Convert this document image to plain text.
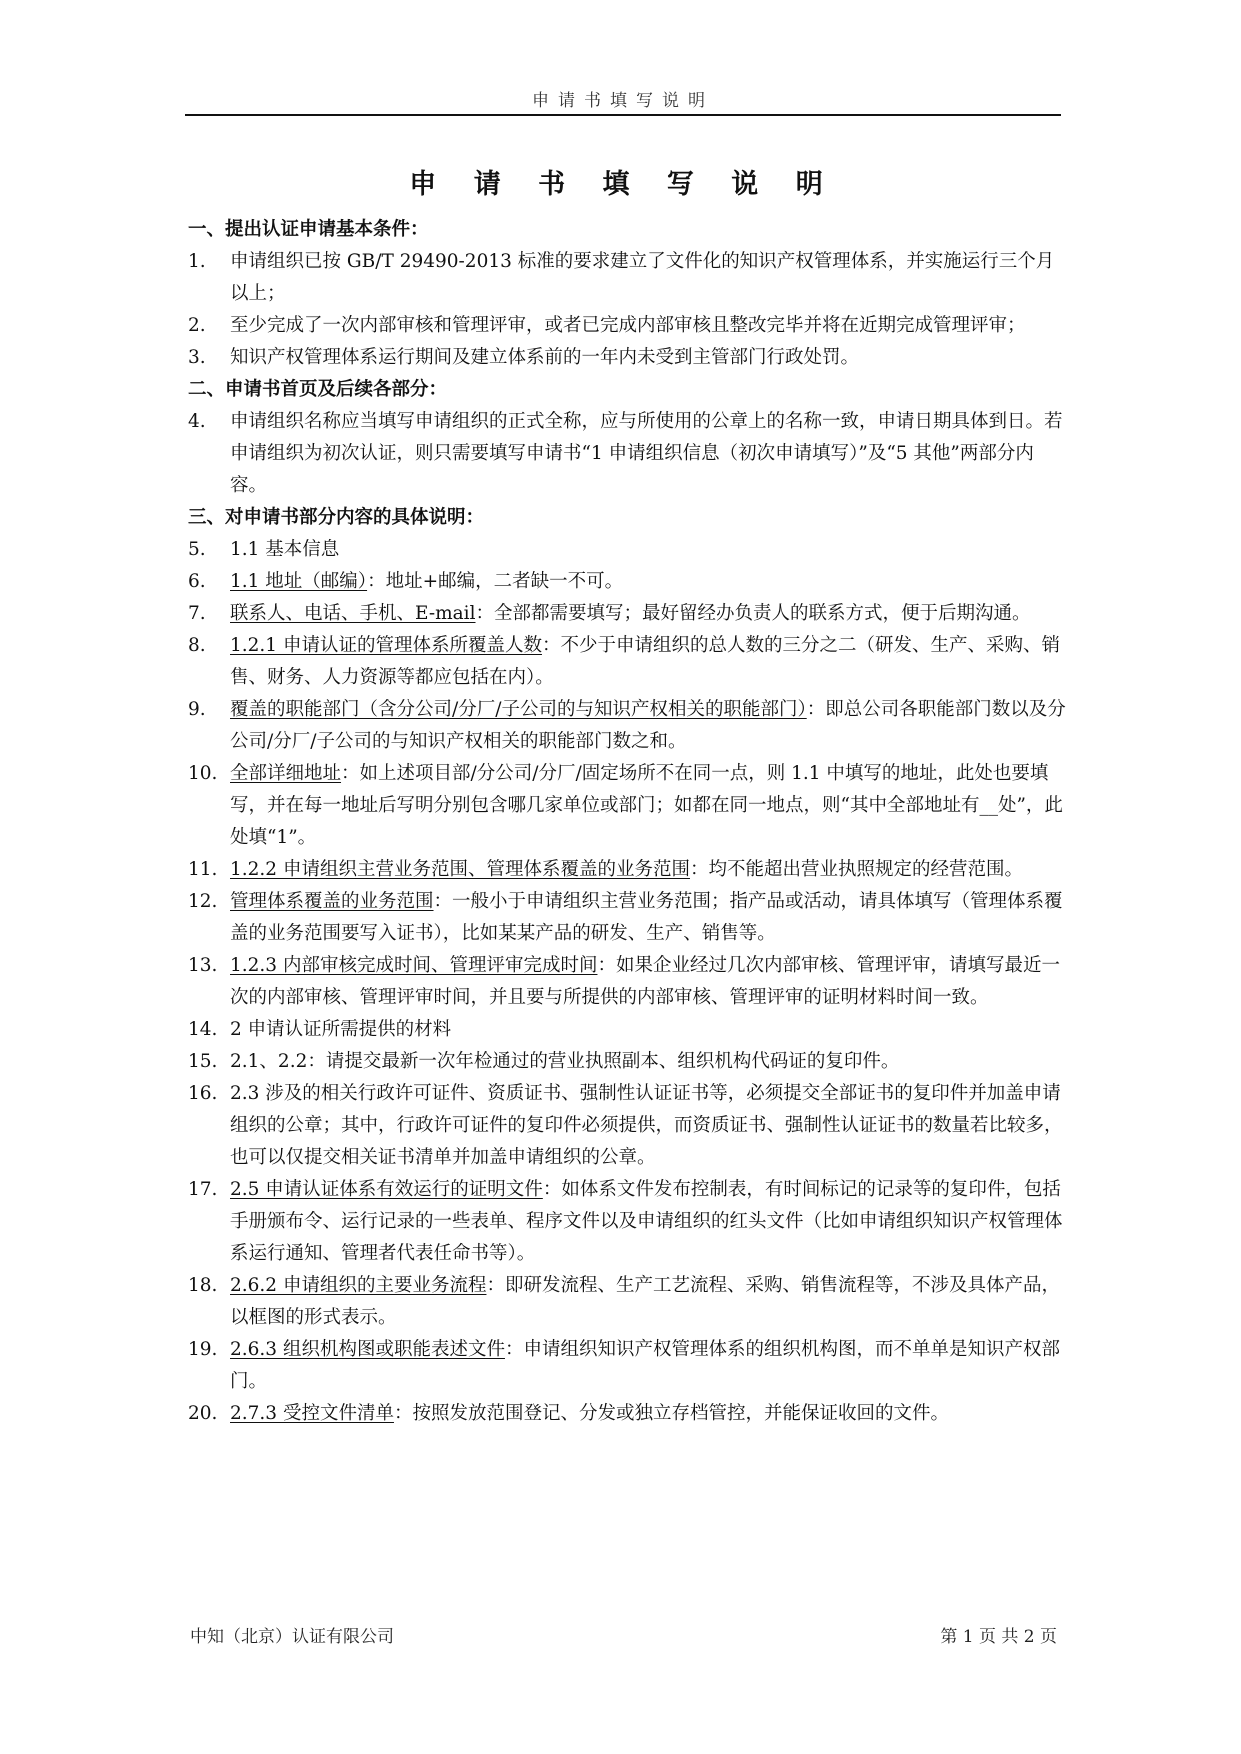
申请书填写说明
申 请 书 填 写 说 明
一、提出认证申请基本条件：
1.	申请组织已按 GB/T 29490-2013 标准的要求建立了文件化的知识产权管理体系，并实施运行三个月以上；
2.	至少完成了一次内部审核和管理评审，或者已完成内部审核且整改完毕并将在近期完成管理评审；
3.	知识产权管理体系运行期间及建立体系前的一年内未受到主管部门行政处罚。
二、申请书首页及后续各部分：
4.	申请组织名称应当填写申请组织的正式全称，应与所使用的公章上的名称一致，申请日期具体到日。若申请组织为初次认证，则只需要填写申请书“1 申请组织信息（初次申请填写）”及“5 其他”两部分内容。
三、对申请书部分内容的具体说明：
5.	1.1 基本信息
6.	1.1 地址（邮编）：地址+邮编，二者缺一不可。
7.	联系人、电话、手机、E-mail：全部都需要填写；最好留经办负责人的联系方式，便于后期沟通。
8.	1.2.1 申请认证的管理体系所覆盖人数：不少于申请组织的总人数的三分之二（研发、生产、采购、销售、财务、人力资源等都应包括在内）。
9.	覆盖的职能部门（含分公司/分厂/子公司的与知识产权相关的职能部门）：即总公司各职能部门数以及分公司/分厂/子公司的与知识产权相关的职能部门数之和。
10. 全部详细地址：如上述项目部/分公司/分厂/固定场所不在同一点，则 1.1 中填写的地址，此处也要填写，并在每一地址后写明分别包含哪几家单位或部门；如都在同一地点，则“其中全部地址有__处”，此处填“1”。
11. 1.2.2 申请组织主营业务范围、管理体系覆盖的业务范围：均不能超出营业执照规定的经营范围。
12. 管理体系覆盖的业务范围：一般小于申请组织主营业务范围；指产品或活动，请具体填写（管理体系覆盖的业务范围要写入证书），比如某某产品的研发、生产、销售等。
13. 1.2.3 内部审核完成时间、管理评审完成时间：如果企业经过几次内部审核、管理评审，请填写最近一次的内部审核、管理评审时间，并且要与所提供的内部审核、管理评审的证明材料时间一致。
14. 2 申请认证所需提供的材料
15. 2.1、2.2：请提交最新一次年检通过的营业执照副本、组织机构代码证的复印件。
16. 2.3 涉及的相关行政许可证件、资质证书、强制性认证证书等，必须提交全部证书的复印件并加盖申请组织的公章；其中，行政许可证件的复印件必须提供，而资质证书、强制性认证证书的数量若比较多，也可以仅提交相关证书清单并加盖申请组织的公章。
17. 2.5 申请认证体系有效运行的证明文件：如体系文件发布控制表，有时间标记的记录等的复印件，包括手册颁布令、运行记录的一些表单、程序文件以及申请组织的红头文件（比如申请组织知识产权管理体系运行通知、管理者代表任命书等）。
18. 2.6.2 申请组织的主要业务流程：即研发流程、生产工艺流程、采购、销售流程等，不涉及具体产品，以框图的形式表示。
19. 2.6.3 组织机构图或职能表述文件：申请组织知识产权管理体系的组织机构图，而不单单是知识产权部门。
20. 2.7.3 受控文件清单：按照发放范围登记、分发或独立存档管控，并能保证收回的文件。
中知（北京）认证有限公司	第 1 页 共 2 页
